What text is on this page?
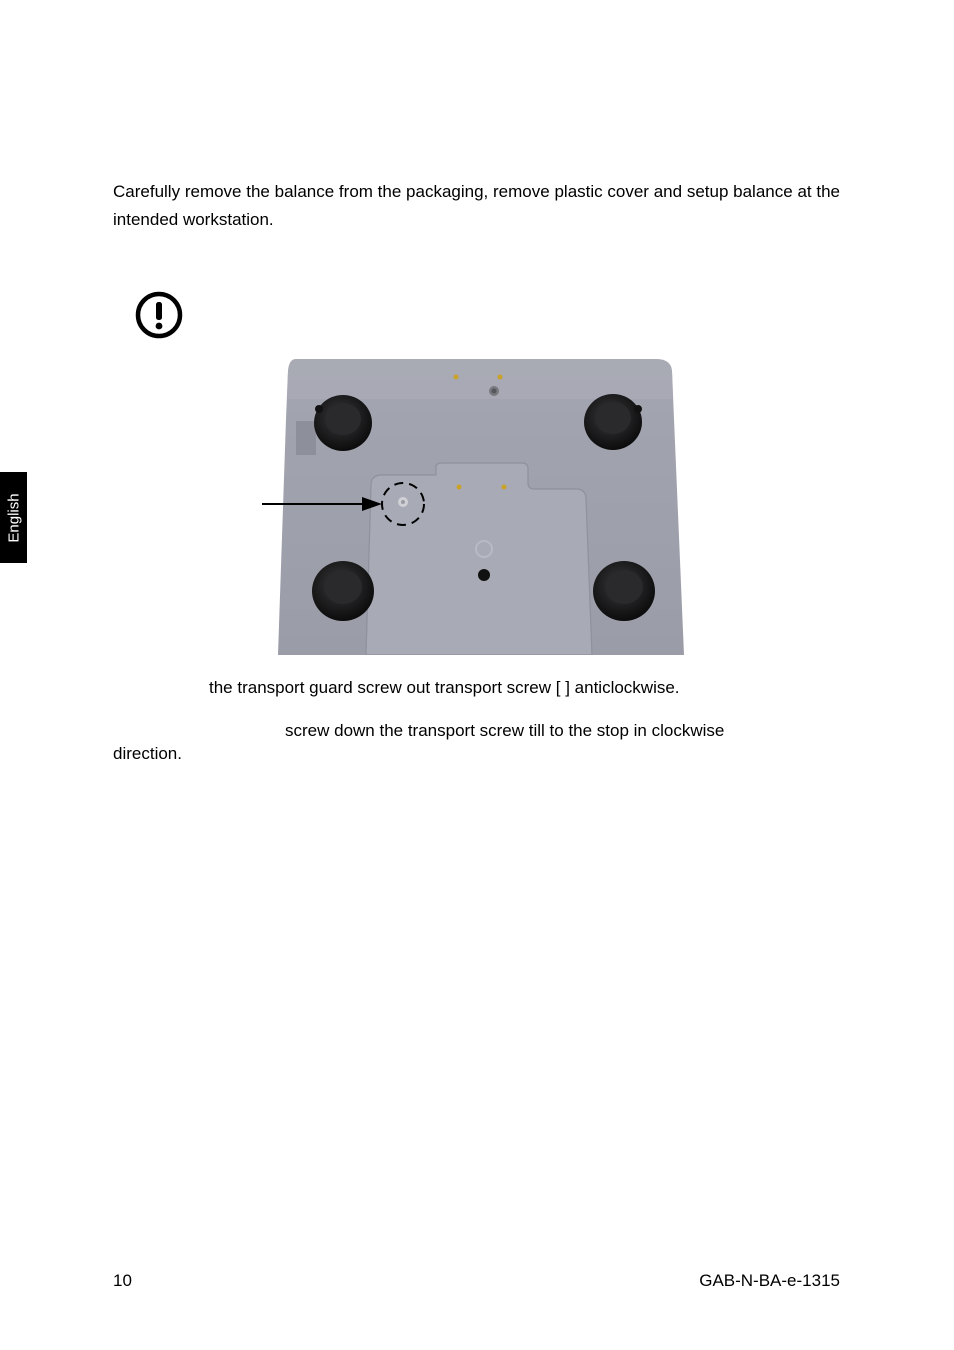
English

Carefully remove the balance from the packaging, remove plastic cover and setup balance at the intended workstation.

the transport guard screw out transport screw [ ] anticlockwise.

screw down the transport screw till to the stop in clockwise

direction.

10	GAB-N-BA-e-1315
